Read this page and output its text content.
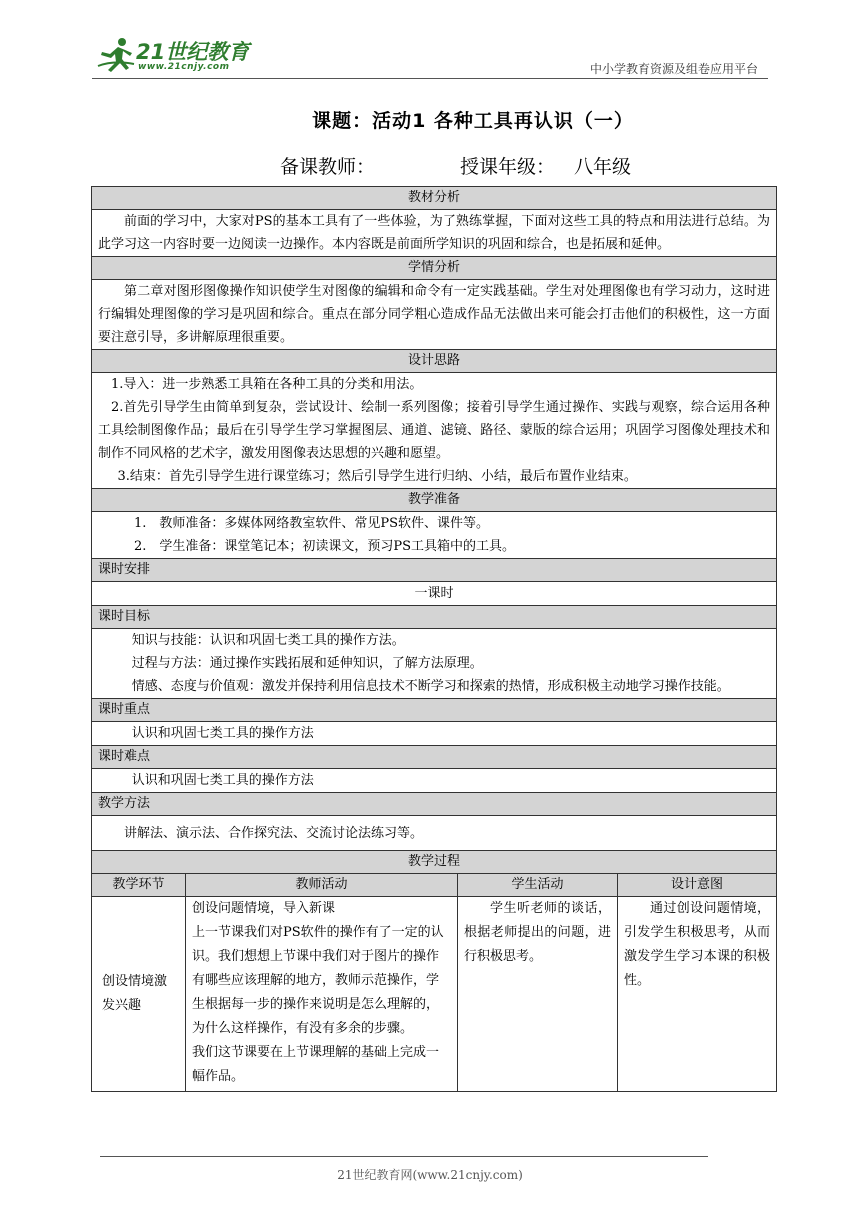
21世纪教育
www.21cnjy.com	中小学教育资源及组卷应用平台
课题：活动1 各种工具再认识（一）
备课教师：	授课年级： 八年级
教材分析			

前面的学习中，大家对PS的基本工具有了一些体验，为了熟练掌握，下面对这些工具的特点和用法进行总结。为此学习这一内容时要一边阅读一边操作。本内容既是前面所学知识的巩固和综合，也是拓展和延伸。			

学情分析			

第二章对图形图像操作知识使学生对图像的编辑和命令有一定实践基础。学生对处理图像也有学习动力，这时进行编辑处理图像的学习是巩固和综合。重点在部分同学粗心造成作品无法做出来可能会打击他们的积极性，这一方面要注意引导，多讲解原理很重要。			

设计思路			

1.导入：进一步熟悉工具箱在各种工具的分类和用法。

2.首先引导学生由简单到复杂，尝试设计、绘制一系列图像；接着引导学生通过操作、实践与观察，综合运用各种工具绘制图像作品；最后在引导学生学习掌握图层、通道、滤镜、路径、蒙版的综合运用；巩固学习图像处理技术和制作不同风格的艺术字，激发用图像表达思想的兴趣和愿望。

3.结束：首先引导学生进行课堂练习；然后引导学生进行归纳、小结，最后布置作业结束。			

教学准备			

1.　教师准备：多媒体网络教室软件、常见PS软件、课件等。

2.　学生准备：课堂笔记本；初读课文，预习PS工具箱中的工具。			

课时安排			
一课时			
课时目标			

知识与技能：认识和巩固七类工具的操作方法。

过程与方法：通过操作实践拓展和延伸知识，了解方法原理。

情感、态度与价值观：激发并保持利用信息技术不断学习和探索的热情，形成积极主动地学习操作技能。			

课时重点			

认识和巩固七类工具的操作方法			

课时难点			

认识和巩固七类工具的操作方法			

教学方法			

讲解法、演示法、合作探究法、交流讨论法练习等。			

教学过程			
教学环节	教师活动	学生活动	设计意图
创设情境激发兴趣	创设问题情境，导入新课
上一节课我们对PS软件的操作有了一定的认识。我们想想上节课中我们对于图片的操作有哪些应该理解的地方，教师示范操作，学生根据每一步的操作来说明是怎么理解的，为什么这样操作，有没有多余的步骤。
我们这节课要在上节课理解的基础上完成一幅作品。	学生听老师的谈话，根据老师提出的问题，进行积极思考。	通过创设问题情境，引发学生积极思考，从而激发学生学习本课的积极性。

21世纪教育网(www.21cnjy.com)
